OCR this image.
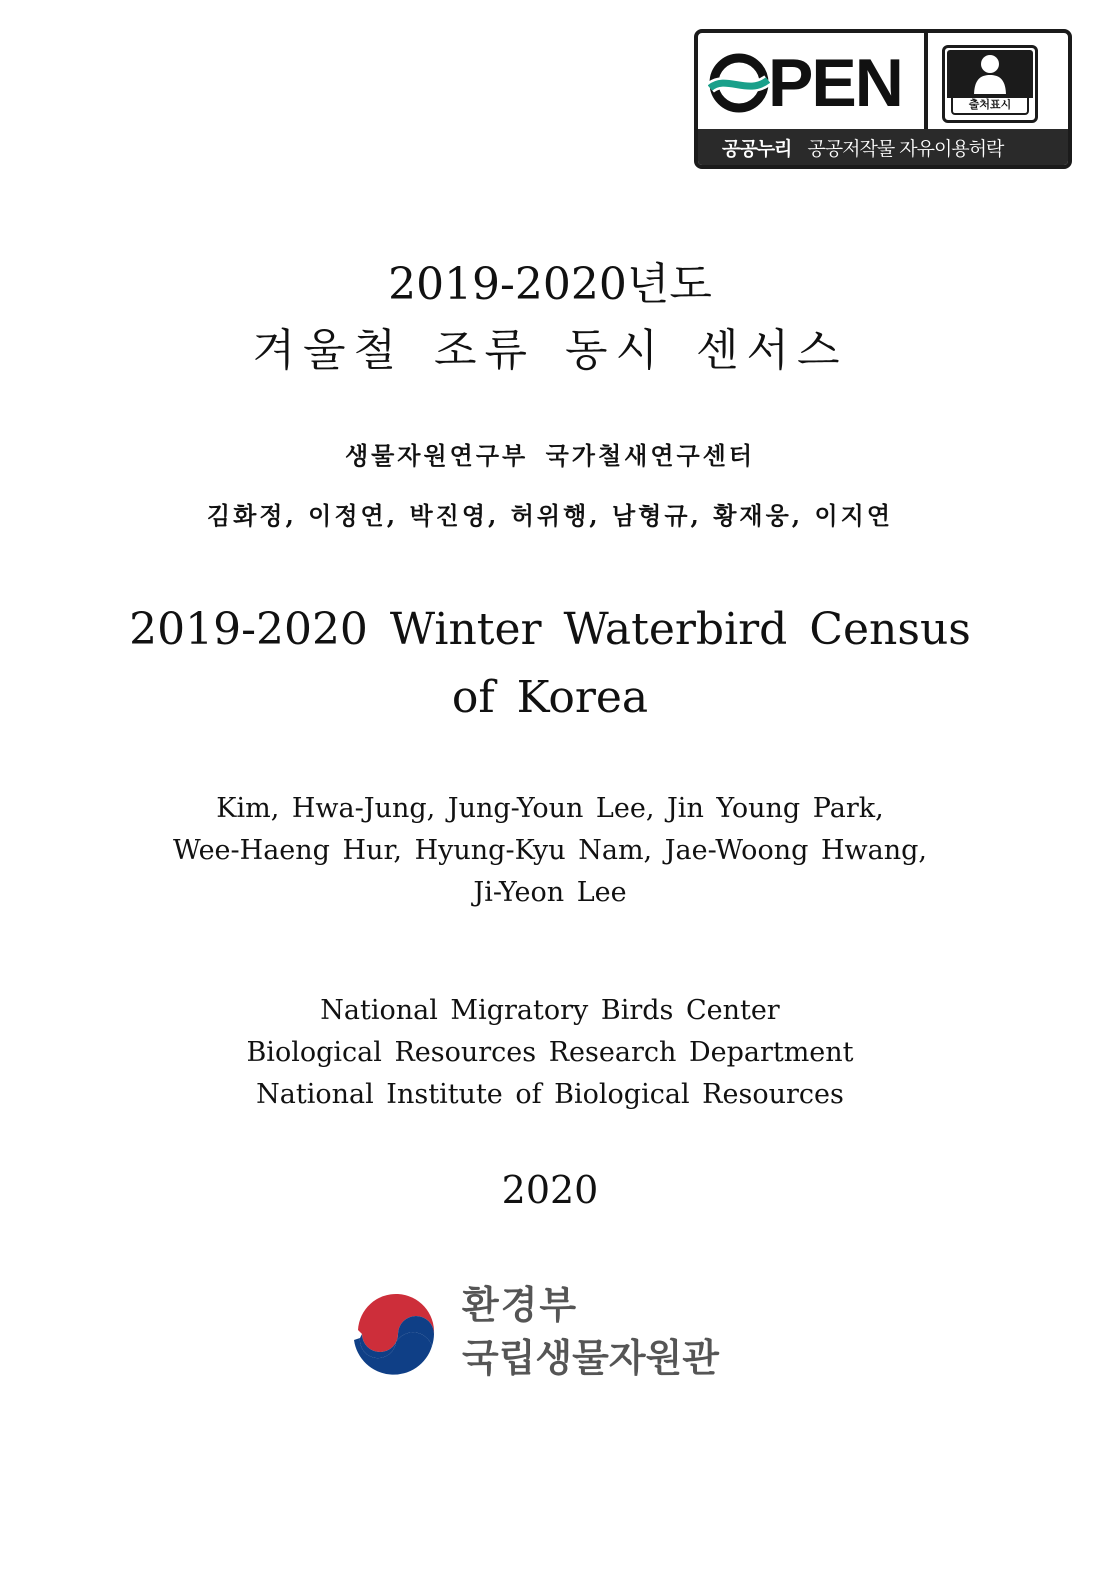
PEN	출처표시
공공누리 공공저작물 자유이용허락
2019-2020년도
겨울철 조류 동시 센서스
생물자원연구부 국가철새연구센터
김화정, 이정연, 박진영, 허위행, 남형규, 황재웅, 이지연
2019-2020 Winter Waterbird Census
of Korea
Kim, Hwa-Jung, Jung-Youn Lee, Jin Young Park,
Wee-Haeng Hur, Hyung-Kyu Nam, Jae-Woong Hwang,
Ji-Yeon Lee
National Migratory Birds Center
Biological Resources Research Department
National Institute of Biological Resources
2020
환경부
국립생물자원관
